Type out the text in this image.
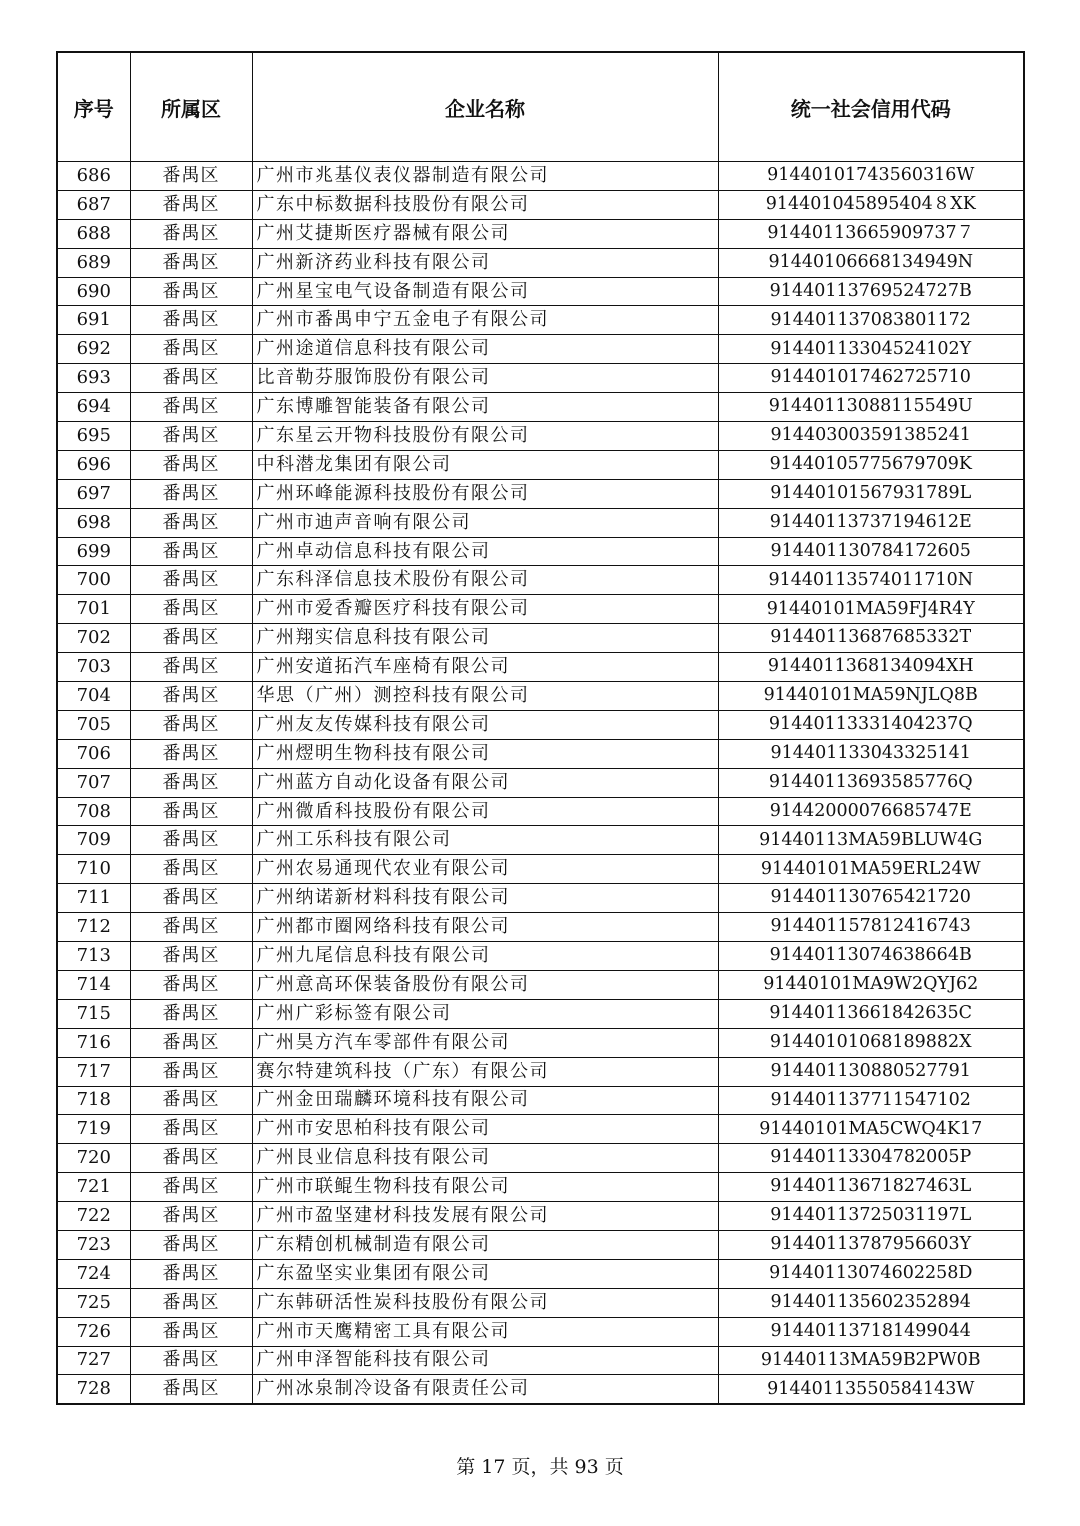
序号	所属区	企业名称	统一社会信用代码
686	番禺区	广州市兆基仪表仪器制造有限公司	91440101743560316W
687	番禺区	广东中标数据科技股份有限公司	914401045895404８XK
688	番禺区	广州艾捷斯医疗器械有限公司	91440113665909737７
689	番禺区	广州新济药业科技有限公司	91440106668134949N
690	番禺区	广州星宝电气设备制造有限公司	91440113769524727B
691	番禺区	广州市番禺申宁五金电子有限公司	914401137083801172
692	番禺区	广州途道信息科技有限公司	91440113304524102Y
693	番禺区	比音勒芬服饰股份有限公司	914401017462725710
694	番禺区	广东博雕智能装备有限公司	91440113088115549U
695	番禺区	广东星云开物科技股份有限公司	914403003591385241
696	番禺区	中科潜龙集团有限公司	91440105775679709K
697	番禺区	广州环峰能源科技股份有限公司	91440101567931789L
698	番禺区	广州市迪声音响有限公司	91440113737194612E
699	番禺区	广州卓动信息科技有限公司	914401130784172605
700	番禺区	广东科泽信息技术股份有限公司	91440113574011710N
701	番禺区	广州市爱香瓣医疗科技有限公司	91440101MA59FJ4R4Y
702	番禺区	广州翔实信息科技有限公司	91440113687685332T
703	番禺区	广州安道拓汽车座椅有限公司	9144011368134094XH
704	番禺区	华思（广州）测控科技有限公司	91440101MA59NJLQ8B
705	番禺区	广州友友传媒科技有限公司	91440113331404237Q
706	番禺区	广州熤明生物科技有限公司	914401133043325141
707	番禺区	广州蓝方自动化设备有限公司	91440113693585776Q
708	番禺区	广州微盾科技股份有限公司	91442000076685747E
709	番禺区	广州工乐科技有限公司	91440113MA59BLUW4G
710	番禺区	广州农易通现代农业有限公司	91440101MA59ERL24W
711	番禺区	广州纳诺新材料科技有限公司	914401130765421720
712	番禺区	广州都市圈网络科技有限公司	914401157812416743
713	番禺区	广州九尾信息科技有限公司	91440113074638664B
714	番禺区	广州意高环保装备股份有限公司	91440101MA9W2QYJ62
715	番禺区	广州广彩标签有限公司	91440113661842635C
716	番禺区	广州昊方汽车零部件有限公司	91440101068189882X
717	番禺区	赛尔特建筑科技（广东）有限公司	914401130880527791
718	番禺区	广州金田瑞麟环境科技有限公司	914401137711547102
719	番禺区	广州市安思柏科技有限公司	91440101MA5CWQ4K17
720	番禺区	广州艮业信息科技有限公司	91440113304782005P
721	番禺区	广州市联鲲生物科技有限公司	91440113671827463L
722	番禺区	广州市盈坚建材科技发展有限公司	91440113725031197L
723	番禺区	广东精创机械制造有限公司	91440113787956603Y
724	番禺区	广东盈坚实业集团有限公司	91440113074602258D
725	番禺区	广东韩研活性炭科技股份有限公司	914401135602352894
726	番禺区	广州市天鹰精密工具有限公司	914401137181499044
727	番禺区	广州申泽智能科技有限公司	91440113MA59B2PW0B
728	番禺区	广州冰泉制冷设备有限责任公司	91440113550584143W
第 17 页，共 93 页
